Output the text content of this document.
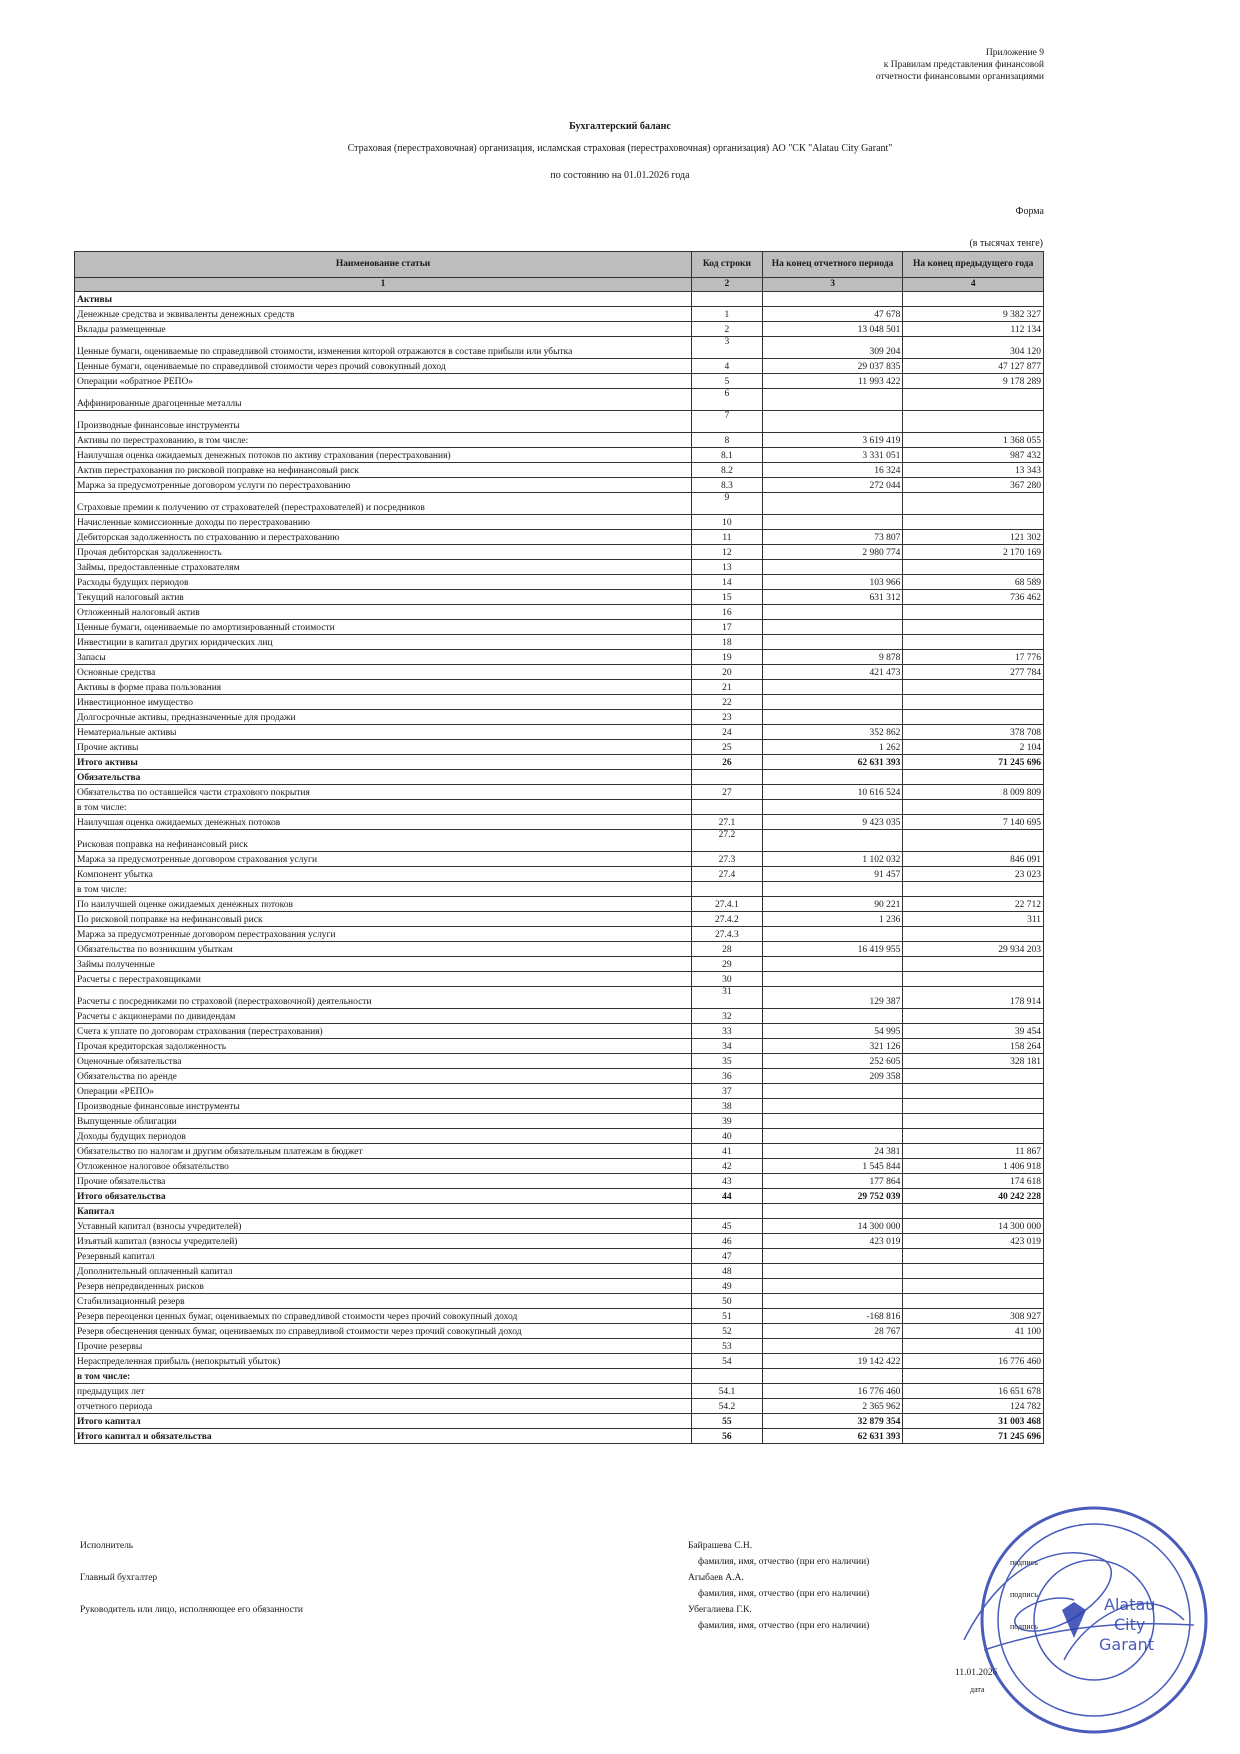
Приложение 9
к Правилам представления финансовой
отчетности финансовыми организациями
Бухгалтерский баланс
Страховая (перестраховочная) организация, исламская страховая (перестраховочная) организация) АО "СК "Alatau City Garant"
по состоянию на 01.01.2026 года
Форма
(в тысячах тенге)
Наименование статьи	Код строки	На конец отчетного периода	На конец предыдущего года
1	2	3	4
Активы			
Денежные средства и эквиваленты денежных средств	1	47 678	9 382 327
Вклады размещенные	2	13 048 501	112 134
Ценные бумаги, оцениваемые по справедливой стоимости, изменения которой отражаются в составе прибыли или убытка	3	309 204	304 120
Ценные бумаги, оцениваемые по справедливой стоимости через прочий совокупный доход	4	29 037 835	47 127 877
Операции «обратное РЕПО»	5	11 993 422	9 178 289
Аффинированные драгоценные металлы	6		
Производные финансовые инструменты	7		
Активы по перестрахованию, в том числе:	8	3 619 419	1 368 055
Наилучшая оценка ожидаемых денежных потоков по активу страхования (перестрахования)	8.1	3 331 051	987 432
Актив перестрахования по рисковой поправке на нефинансовый риск	8.2	16 324	13 343
Маржа за предусмотренные договором услуги по перестрахованию	8.3	272 044	367 280
Страховые премии к получению от страхователей (перестрахователей) и посредников	9		
Начисленные комиссионные доходы по перестрахованию	10		
Дебиторская задолженность по страхованию и перестрахованию	11	73 807	121 302
Прочая дебиторская задолженность	12	2 980 774	2 170 169
Займы, предоставленные страхователям	13		
Расходы будущих периодов	14	103 966	68 589
Текущий налоговый актив	15	631 312	736 462
Отложенный налоговый актив	16		
Ценные бумаги, оцениваемые по амортизированный стоимости	17		
Инвестиции в капитал других юридических лиц	18		
Запасы	19	9 878	17 776
Основные средства	20	421 473	277 784
Активы в форме права пользования	21		
Инвестиционное имущество	22		
Долгосрочные активы, предназначенные для продажи	23		
Нематериальные активы	24	352 862	378 708
Прочие активы	25	1 262	2 104
Итого активы	26	62 631 393	71 245 696
Обязательства			
Обязательства по оставшейся части страхового покрытия	27	10 616 524	8 009 809
в том числе:			
Наилучшая оценка ожидаемых денежных потоков	27.1	9 423 035	7 140 695
Рисковая поправка на нефинансовый риск	27.2		
Маржа за предусмотренные договором страхования услуги	27.3	1 102 032	846 091
Компонент убытка	27.4	91 457	23 023
в том числе:			
По наилучшей оценке ожидаемых денежных потоков	27.4.1	90 221	22 712
По рисковой поправке на нефинансовый риск	27.4.2	1 236	311
Маржа за предусмотренные договором перестрахования услуги	27.4.3		
Обязательства по возникшим убыткам	28	16 419 955	29 934 203
Займы полученные	29		
Расчеты с перестраховщиками	30		
Расчеты с посредниками по страховой (перестраховочной) деятельности	31	129 387	178 914
Расчеты с акционерами по дивидендам	32		
Счета к уплате по договорам страхования (перестрахования)	33	54 995	39 454
Прочая кредиторская задолженность	34	321 126	158 264
Оценочные обязательства	35	252 605	328 181
Обязательства по аренде	36	209 358	
Операции «РЕПО»	37		
Производные финансовые инструменты	38		
Выпущенные облигации	39		
Доходы будущих периодов	40		
Обязательство по налогам и другим обязательным платежам в бюджет	41	24 381	11 867
Отложенное налоговое обязательство	42	1 545 844	1 406 918
Прочие обязательства	43	177 864	174 618
Итого обязательства	44	29 752 039	40 242 228
Капитал			
Уставный капитал (взносы учредителей)	45	14 300 000	14 300 000
Изъятый капитал (взносы учредителей)	46	423 019	423 019
Резервный капитал	47		
Дополнительный оплаченный капитал	48		
Резерв непредвиденных рисков	49		
Стабилизационный резерв	50		
Резерв переоценки ценных бумаг, оцениваемых по справедливой стоимости через прочий совокупный доход	51	-168 816	308 927
Резерв обесценения ценных бумаг, оцениваемых по справедливой стоимости через прочий совокупный доход	52	28 767	41 100
Прочие резервы	53		
Нераспределенная прибыль (непокрытый убыток)	54	19 142 422	16 776 460
в том числе:			
предыдущих лет	54.1	16 776 460	16 651 678
отчетного периода	54.2	2 365 962	124 782
Итого капитал	55	32 879 354	31 003 468
Итого капитал и обязательства	56	62 631 393	71 245 696
Исполнитель	Байрашева С.Н.
фамилия, имя, отчество (при его наличии)
Главный бухгалтер	Агыбаев А.А.
фамилия, имя, отчество (при его наличии)
Руководитель или лицо, исполняющее его обязанности	Убегалиева Г.К.
фамилия, имя, отчество (при его наличии)
подпись
подпись
подпись
11.01.2026
дата
Alatau
City
Garant
